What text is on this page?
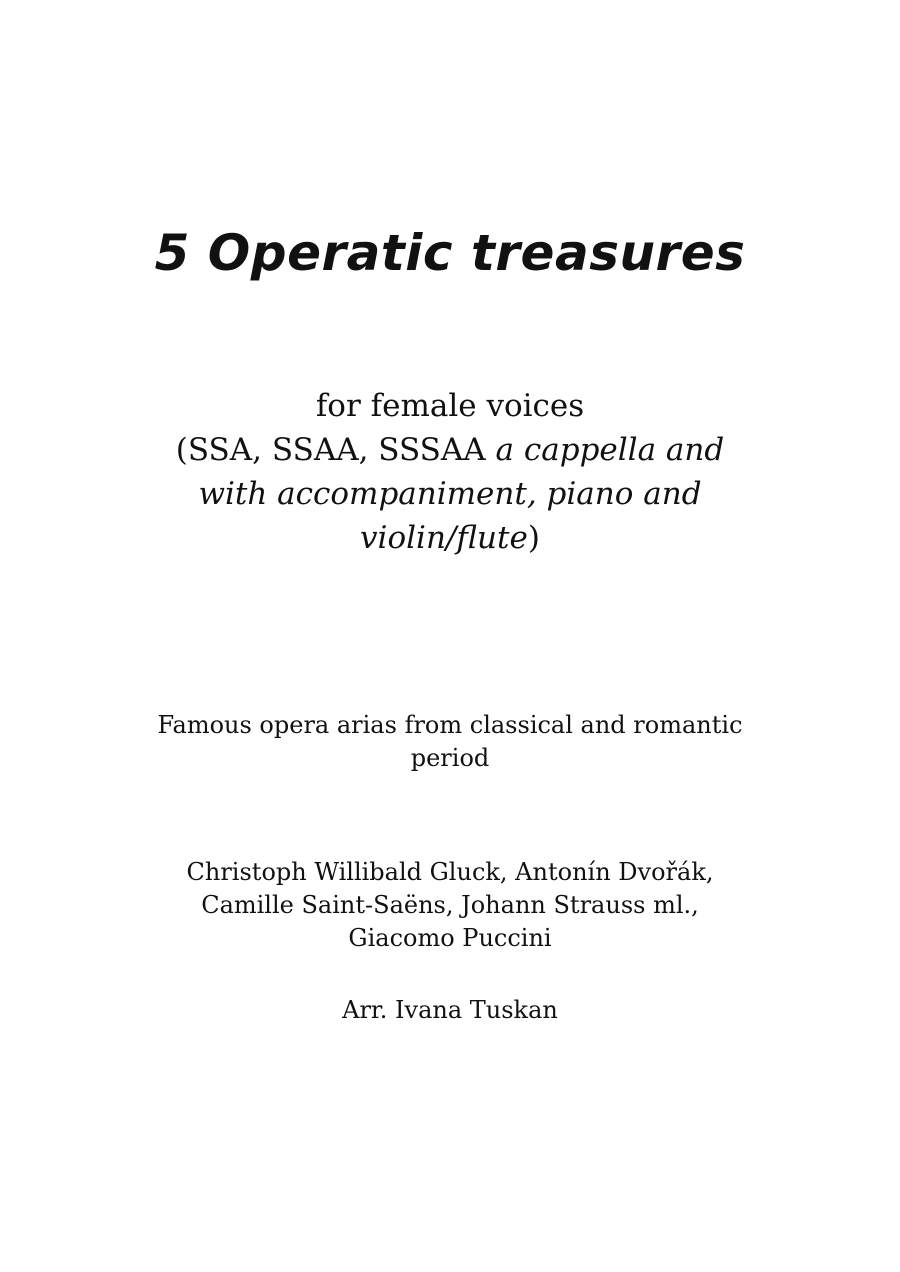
5 Operatic treasures
for female voices
(SSA, SSAA, SSSAA a cappella and
with accompaniment, piano and
violin/flute)
Famous opera arias from classical and romantic
period
Christoph Willibald Gluck, Antonín Dvořák,
Camille Saint-Saëns, Johann Strauss ml.,
Giacomo Puccini
Arr. Ivana Tuskan
